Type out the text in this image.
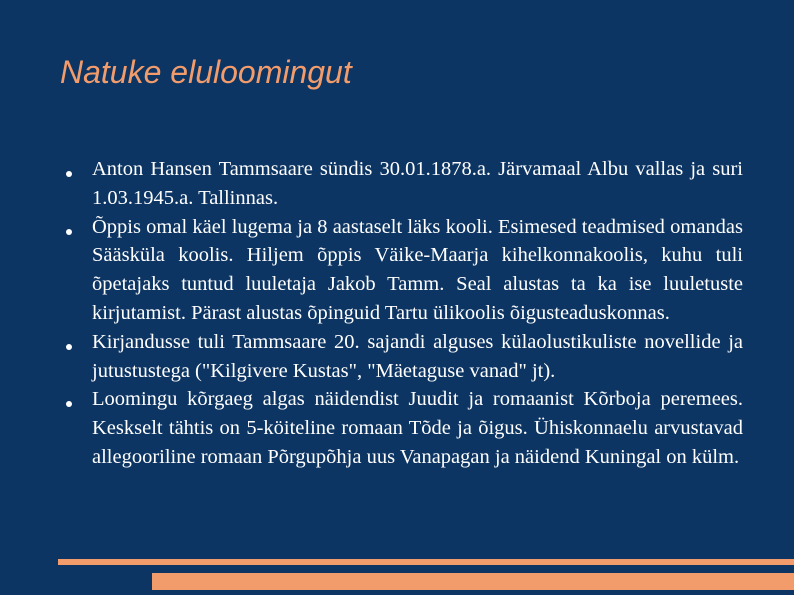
Natuke eluloomingut
Anton Hansen Tammsaare sündis 30.01.1878.a. Järvamaal Albu vallas ja suri 1.03.1945.a. Tallinnas.
Õppis omal käel lugema ja 8 aastaselt läks kooli. Esimesed teadmised omandas Sääsküla koolis. Hiljem õppis Väike-Maarja kihelkonnakoolis, kuhu tuli õpetajaks tuntud luuletaja Jakob Tamm. Seal alustas ta ka ise luuletuste kirjutamist. Pärast alustas õpinguid Tartu ülikoolis õigusteaduskonnas.
Kirjandusse tuli Tammsaare 20. sajandi alguses külaolustikuliste novellide ja jutustustega ("Kilgivere Kustas", "Mäetaguse vanad" jt).
Loomingu kõrgaeg algas näidendist Juudit ja romaanist Kõrboja peremees. Keskselt tähtis on 5-köiteline romaan Tõde ja õigus. Ühiskonnaelu arvustavad allegooriline romaan Põrgupõhja uus Vanapagan ja näidend Kuningal on külm.
